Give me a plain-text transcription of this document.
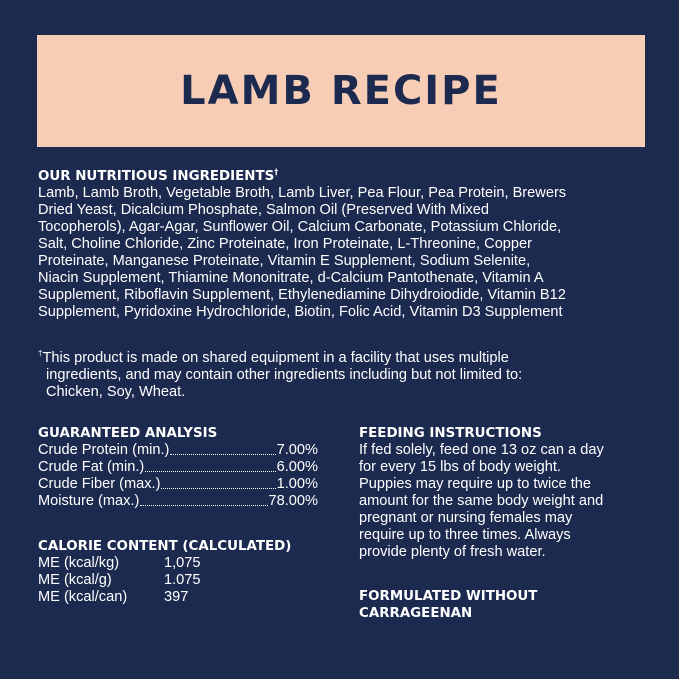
LAMB RECIPE
OUR NUTRITIOUS INGREDIENTS†
Lamb, Lamb Broth, Vegetable Broth, Lamb Liver, Pea Flour, Pea Protein, Brewers
Dried Yeast, Dicalcium Phosphate, Salmon Oil (Preserved With Mixed
Tocopherols), Agar-Agar, Sunflower Oil, Calcium Carbonate, Potassium Chloride,
Salt, Choline Chloride, Zinc Proteinate, Iron Proteinate, L-Threonine, Copper
Proteinate, Manganese Proteinate, Vitamin E Supplement, Sodium Selenite,
Niacin Supplement, Thiamine Mononitrate, d-Calcium Pantothenate, Vitamin A
Supplement, Riboflavin Supplement, Ethylenediamine Dihydroiodide, Vitamin B12
Supplement, Pyridoxine Hydrochloride, Biotin, Folic Acid, Vitamin D3 Supplement
†This product is made on shared equipment in a facility that uses multiple
ingredients, and may contain other ingredients including but not limited to:
Chicken, Soy, Wheat.
GUARANTEED ANALYSIS
Crude Protein (min.)	7.00%
Crude Fat (min.)	6.00%
Crude Fiber (max.)	1.00%
Moisture (max.)	78.00%
CALORIE CONTENT (CALCULATED)
ME (kcal/kg)	1,075
ME (kcal/g)	1.075
ME (kcal/can)	397
FEEDING INSTRUCTIONS
If fed solely, feed one 13 oz can a day
for every 15 lbs of body weight.
Puppies may require up to twice the
amount for the same body weight and
pregnant or nursing females may
require up to three times. Always
provide plenty of fresh water.
FORMULATED WITHOUT
CARRAGEENAN
